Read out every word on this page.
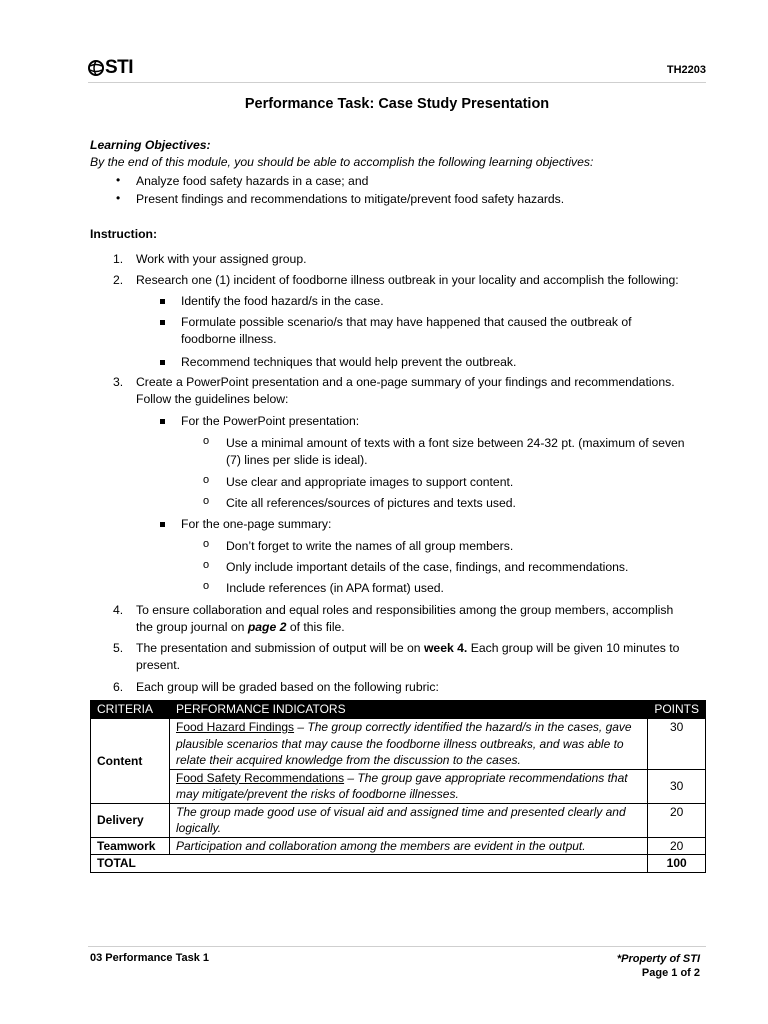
STI	TH2203
Performance Task: Case Study Presentation
Learning Objectives:
By the end of this module, you should be able to accomplish the following learning objectives:
• Analyze food safety hazards in a case; and
• Present findings and recommendations to mitigate/prevent food safety hazards.
Instruction:
1. Work with your assigned group.
2. Research one (1) incident of foodborne illness outbreak in your locality and accomplish the following:
Identify the food hazard/s in the case.
Formulate possible scenario/s that may have happened that caused the outbreak of
foodborne illness.
Recommend techniques that would help prevent the outbreak.
3. Create a PowerPoint presentation and a one-page summary of your findings and recommendations.
Follow the guidelines below:
For the PowerPoint presentation:
o Use a minimal amount of texts with a font size between 24-32 pt. (maximum of seven
(7) lines per slide is ideal).
o Use clear and appropriate images to support content.
o Cite all references/sources of pictures and texts used.
For the one-page summary:
o Don’t forget to write the names of all group members.
o Only include important details of the case, findings, and recommendations.
o Include references (in APA format) used.
4. To ensure collaboration and equal roles and responsibilities among the group members, accomplish
the group journal on page 2 of this file.
5. The presentation and submission of output will be on week 4. Each group will be given 10 minutes to
present.
6. Each group will be graded based on the following rubric:
CRITERIA	PERFORMANCE INDICATORS	POINTS
Content	Food Hazard Findings – The group correctly identified the hazard/s in the cases, gave plausible scenarios that may cause the foodborne illness outbreaks, and was able to
relate their acquired knowledge from the discussion to the cases.	30
	Food Safety Recommendations – The group gave appropriate recommendations that may mitigate/prevent the risks of foodborne illnesses.	30
Delivery	The group made good use of visual aid and assigned time and presented clearly and logically.	20
Teamwork	Participation and collaboration among the members are evident in the output.	20
TOTAL		100
03 Performance Task 1	*Property of STI
Page 1 of 2
